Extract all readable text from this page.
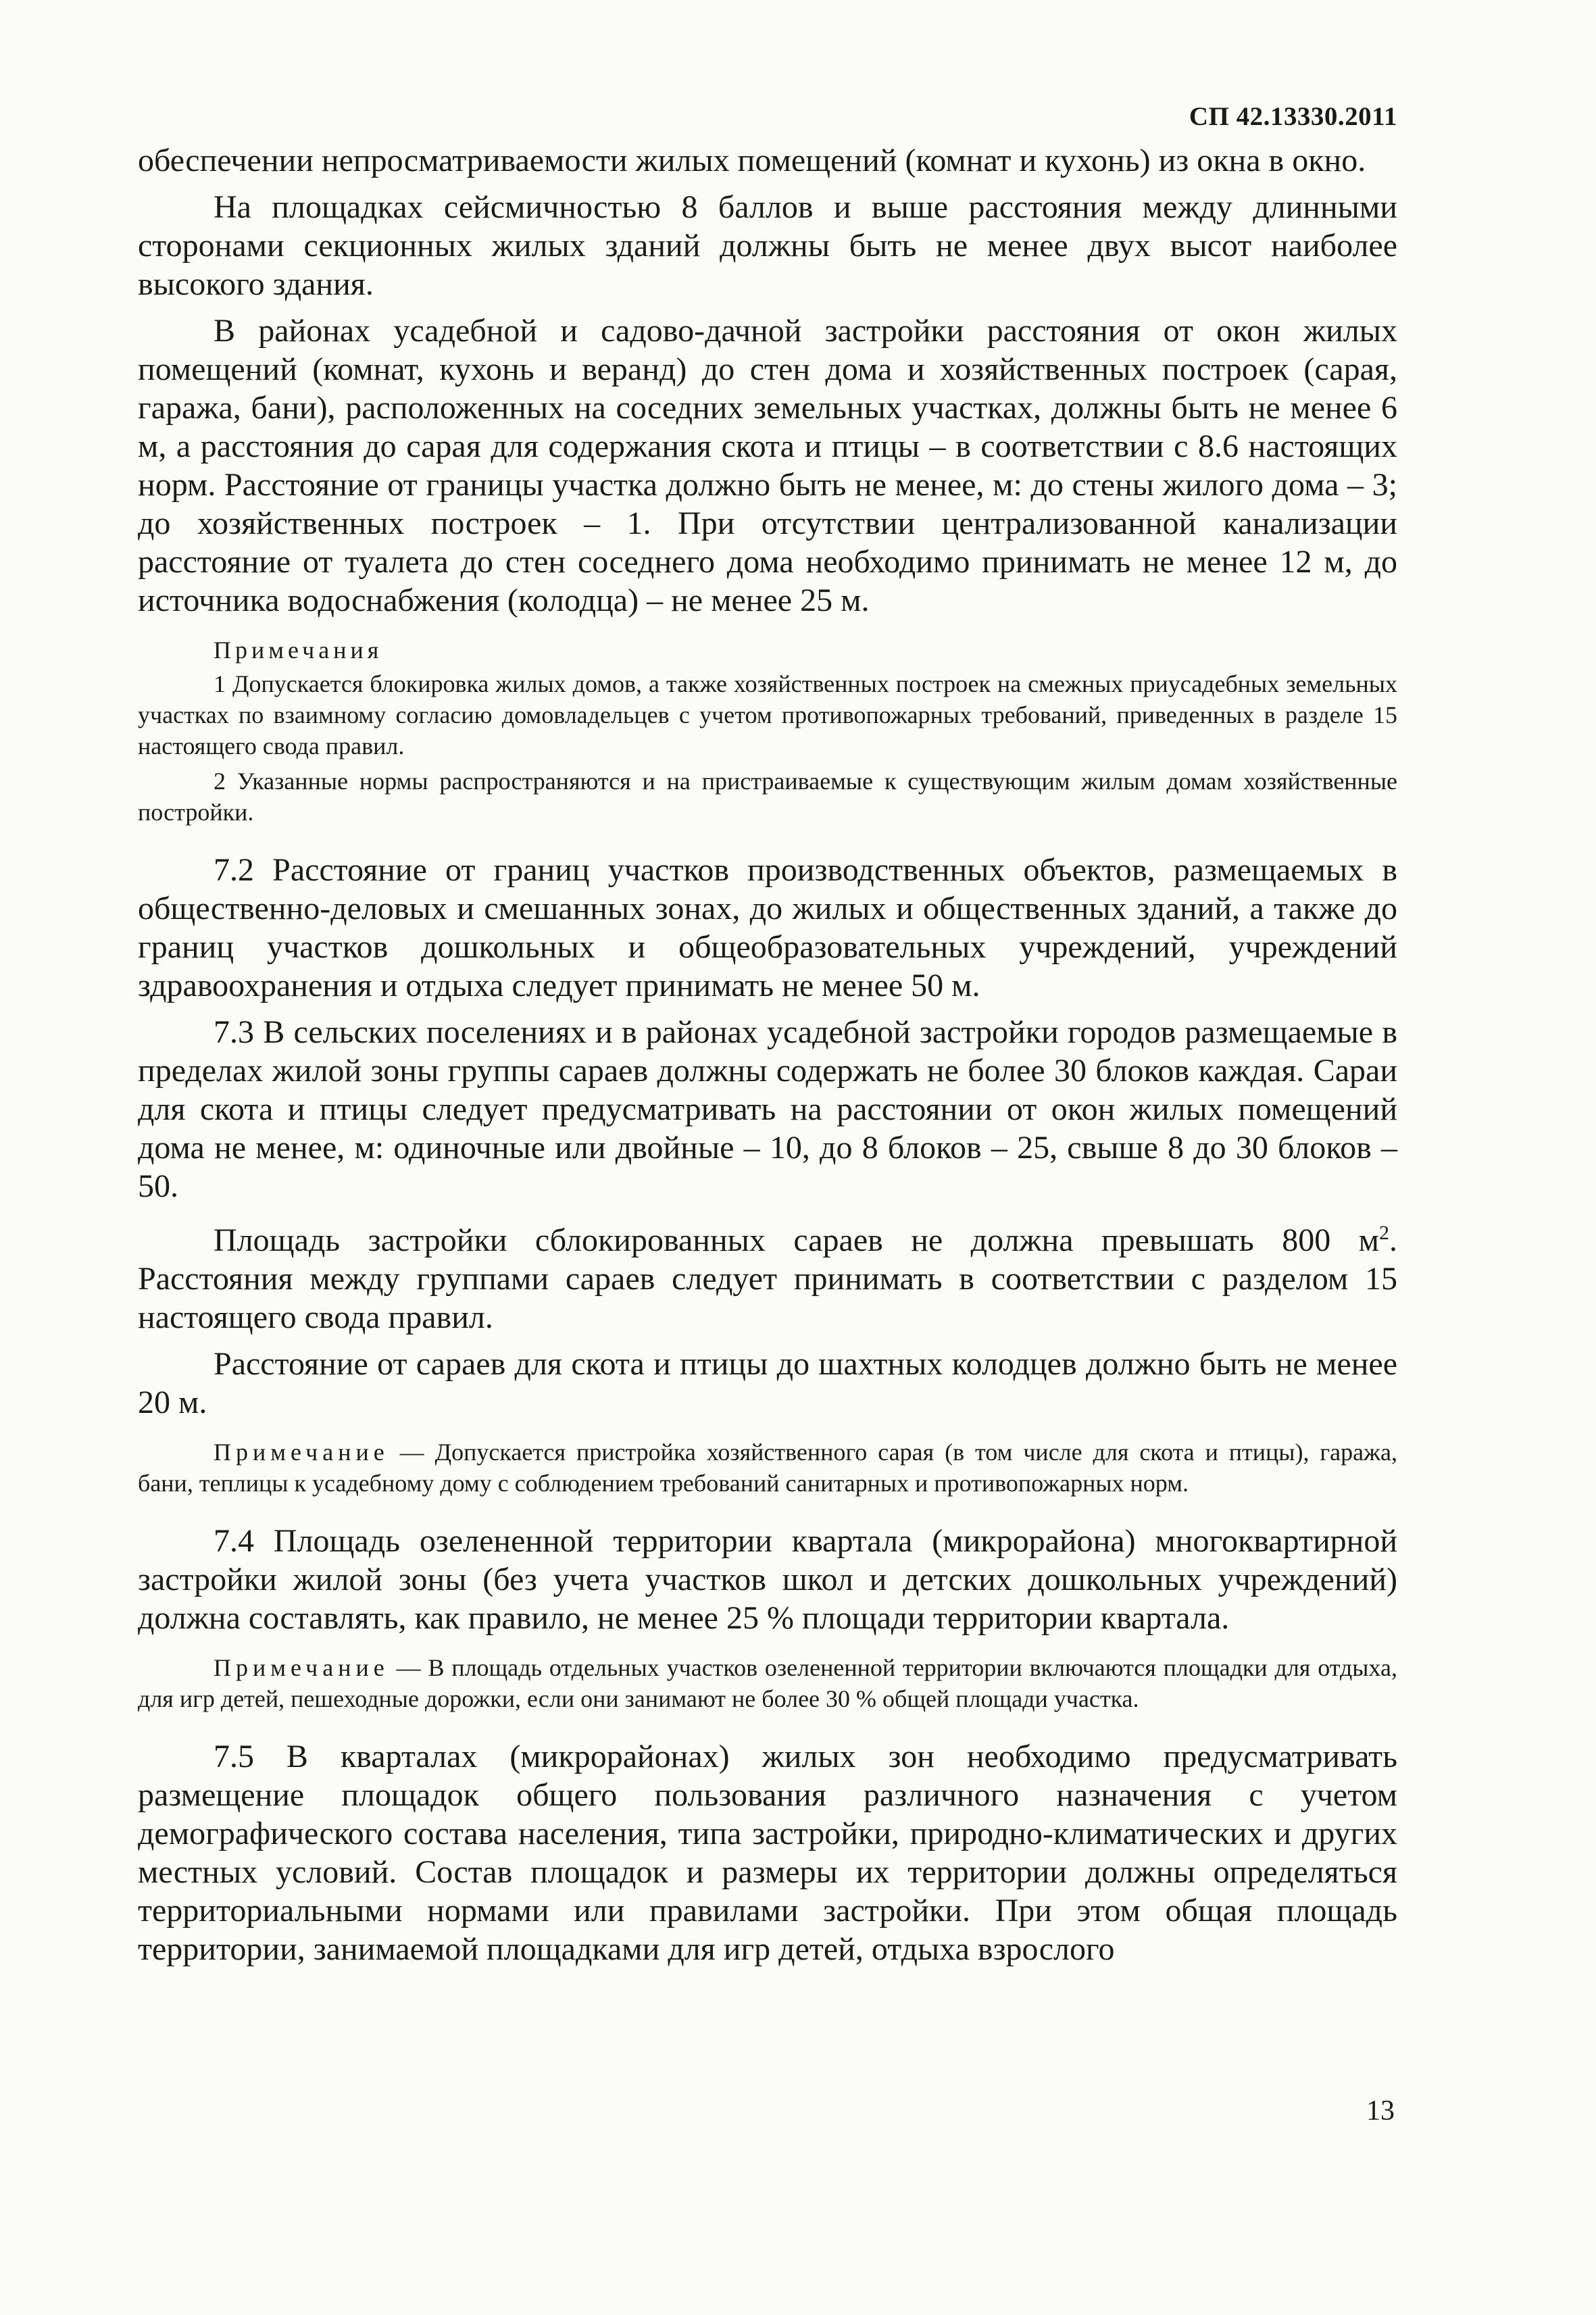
СП 42.13330.2011

обеспечении непросматриваемости жилых помещений (комнат и кухонь) из окна в окно.

На площадках сейсмичностью 8 баллов и выше расстояния между длинными сторонами секционных жилых зданий должны быть не менее двух высот наиболее высокого здания.

В районах усадебной и садово-дачной застройки расстояния от окон жилых помещений (комнат, кухонь и веранд) до стен дома и хозяйственных построек (сарая, гаража, бани), расположенных на соседних земельных участках, должны быть не менее 6 м, а расстояния до сарая для содержания скота и птицы – в соответствии с 8.6 настоящих норм. Расстояние от границы участка должно быть не менее, м: до стены жилого дома – 3; до хозяйственных построек – 1. При отсутствии централизованной канализации расстояние от туалета до стен соседнего дома необходимо принимать не менее 12 м, до источника водоснабжения (колодца) – не менее 25 м.

Примечания

1 Допускается блокировка жилых домов, а также хозяйственных построек на смежных приусадебных земельных участках по взаимному согласию домовладельцев с учетом противопожарных требований, приведенных в разделе 15 настоящего свода правил.

2 Указанные нормы распространяются и на пристраиваемые к существующим жилым домам хозяйственные постройки.

7.2 Расстояние от границ участков производственных объектов, размещаемых в общественно-деловых и смешанных зонах, до жилых и общественных зданий, а также до границ участков дошкольных и общеобразовательных учреждений, учреждений здравоохранения и отдыха следует принимать не менее 50 м.

7.3 В сельских поселениях и в районах усадебной застройки городов размещаемые в пределах жилой зоны группы сараев должны содержать не более 30 блоков каждая. Сараи для скота и птицы следует предусматривать на расстоянии от окон жилых помещений дома не менее, м: одиночные или двойные – 10, до 8 блоков – 25, свыше 8 до 30 блоков – 50.

Площадь застройки сблокированных сараев не должна превышать 800 $м^2$. Расстояния между группами сараев следует принимать в соответствии с разделом 15 настоящего свода правил.

Расстояние от сараев для скота и птицы до шахтных колодцев должно быть не менее 20 м.

Примечание — Допускается пристройка хозяйственного сарая (в том числе для скота и птицы), гаража, бани, теплицы к усадебному дому с соблюдением требований санитарных и противопожарных норм.

7.4 Площадь озелененной территории квартала (микрорайона) многоквартирной застройки жилой зоны (без учета участков школ и детских дошкольных учреждений) должна составлять, как правило, не менее 25 % площади территории квартала.

Примечание — В площадь отдельных участков озелененной территории включаются площадки для отдыха, для игр детей, пешеходные дорожки, если они занимают не более 30 % общей площади участка.

7.5 В кварталах (микрорайонах) жилых зон необходимо предусматривать размещение площадок общего пользования различного назначения с учетом демографического состава населения, типа застройки, природно-климатических и других местных условий. Состав площадок и размеры их территории должны определяться территориальными нормами или правилами застройки. При этом общая площадь территории, занимаемой площадками для игр детей, отдыха взрослого

13
